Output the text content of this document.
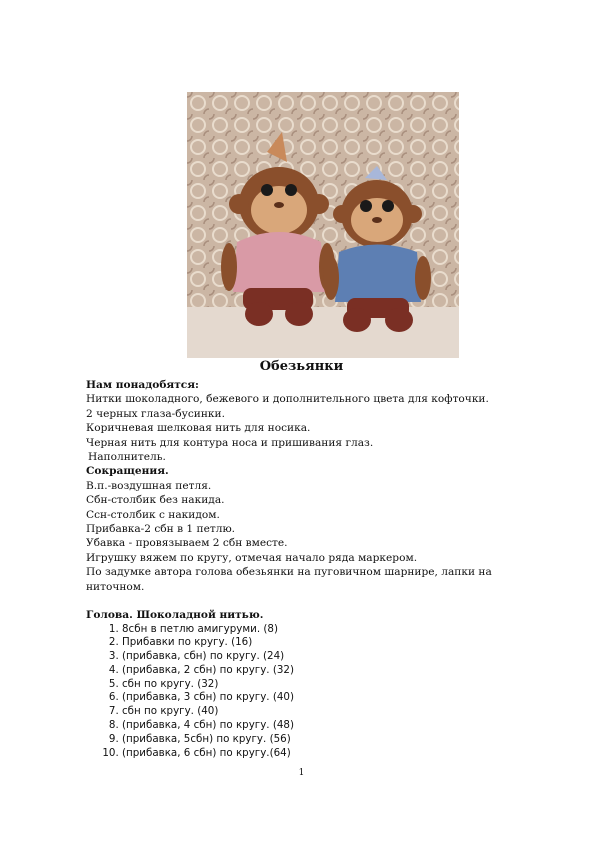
Обезьянки
Нам понадобятся:
Нитки шоколадного, бежевого и дополнительного цвета для кофточки.
2 черных глаза-бусинки.
Коричневая шелковая нить для носика.
Черная нить для контура носа и пришивания глаз.
Наполнитель.
Сокращения.
В.п.-воздушная петля.
Сбн-столбик без накида.
Ссн-столбик с накидом.
Прибавка-2 сбн в 1 петлю.
Убавка - провязываем 2 сбн вместе.
Игрушку вяжем по кругу, отмечая начало ряда маркером.
По задумке автора голова обезьянки на пуговичном шарнире, лапки на ниточном.
Голова. Шоколадной нитью.
1. 8сбн в петлю амигуруми. (8)
2. Прибавки по кругу. (16)
3. (прибавка, сбн) по кругу. (24)
4. (прибавка, 2 сбн) по кругу. (32)
5. сбн по кругу. (32)
6. (прибавка, 3 сбн) по кругу. (40)
7. сбн по кругу. (40)
8. (прибавка, 4 сбн) по кругу. (48)
9. (прибавка, 5сбн) по кругу. (56)
10. (прибавка, 6 сбн) по кругу.(64)
1
